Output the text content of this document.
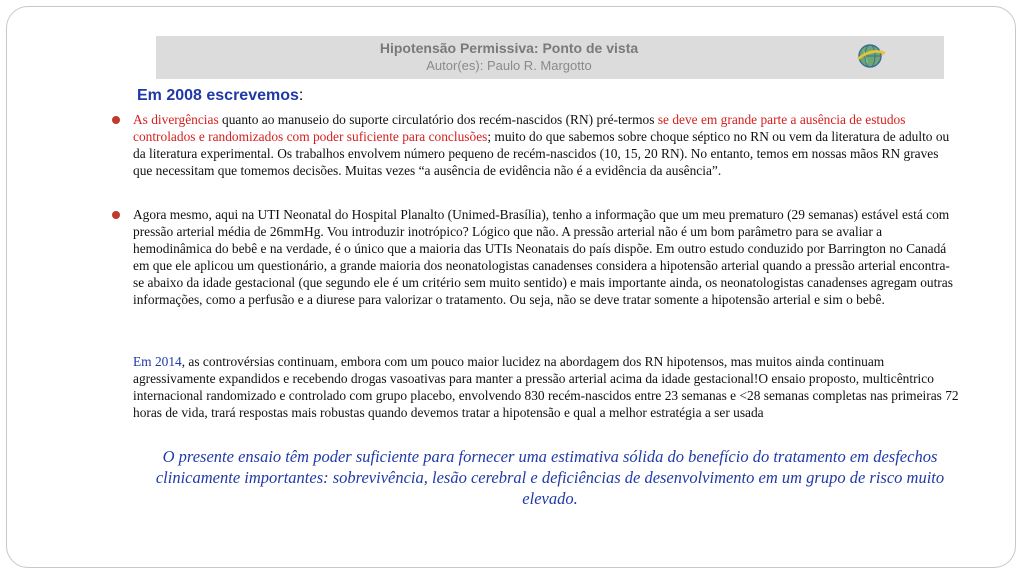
Hipotensão Permissiva: Ponto de vista
Autor(es): Paulo R. Margotto
Em 2008 escrevemos:
As divergências quanto ao manuseio do suporte circulatório dos recém-nascidos (RN) pré-termos se deve em grande parte a ausência de estudos controlados e randomizados com poder suficiente para conclusões; muito do que sabemos sobre choque séptico no RN ou vem da literatura de adulto ou da literatura experimental. Os trabalhos envolvem número pequeno de recém-nascidos (10, 15, 20 RN). No entanto, temos em nossas mãos RN graves que necessitam que tomemos decisões. Muitas vezes “a ausência de evidência não é a evidência da ausência”.
Agora mesmo, aqui na UTI Neonatal do Hospital Planalto (Unimed-Brasília), tenho a informação que um meu prematuro (29 semanas) estável está com pressão arterial média de 26mmHg. Vou introduzir inotrópico? Lógico que não. A pressão arterial não é um bom parâmetro para se avaliar a hemodinâmica do bebê e na verdade, é o único que a maioria das UTIs Neonatais do país dispõe. Em outro estudo conduzido por Barrington no Canadá em que ele aplicou um questionário, a grande maioria dos neonatologistas canadenses considera a hipotensão arterial quando a pressão arterial encontra-se abaixo da idade gestacional (que segundo ele é um critério sem muito sentido) e mais importante ainda, os neonatologistas canadenses agregam outras informações, como a perfusão e a diurese para valorizar o tratamento. Ou seja, não se deve tratar somente a hipotensão arterial e sim o bebê.
Em 2014, as controvérsias continuam, embora com um pouco maior lucidez na abordagem dos RN hipotensos, mas muitos ainda continuam agressivamente expandidos e recebendo drogas vasoativas para manter a pressão arterial acima da idade gestacional!O ensaio proposto, multicêntrico internacional randomizado e controlado com grupo placebo, envolvendo 830 recém-nascidos entre 23 semanas e <28 semanas completas nas primeiras 72 horas de vida, trará respostas mais robustas quando devemos tratar a hipotensão e qual a melhor estratégia a ser usada
O presente ensaio têm poder suficiente para fornecer uma estimativa sólida do benefício do tratamento em desfechos clinicamente importantes: sobrevivência, lesão cerebral e deficiências de desenvolvimento em um grupo de risco muito elevado.
